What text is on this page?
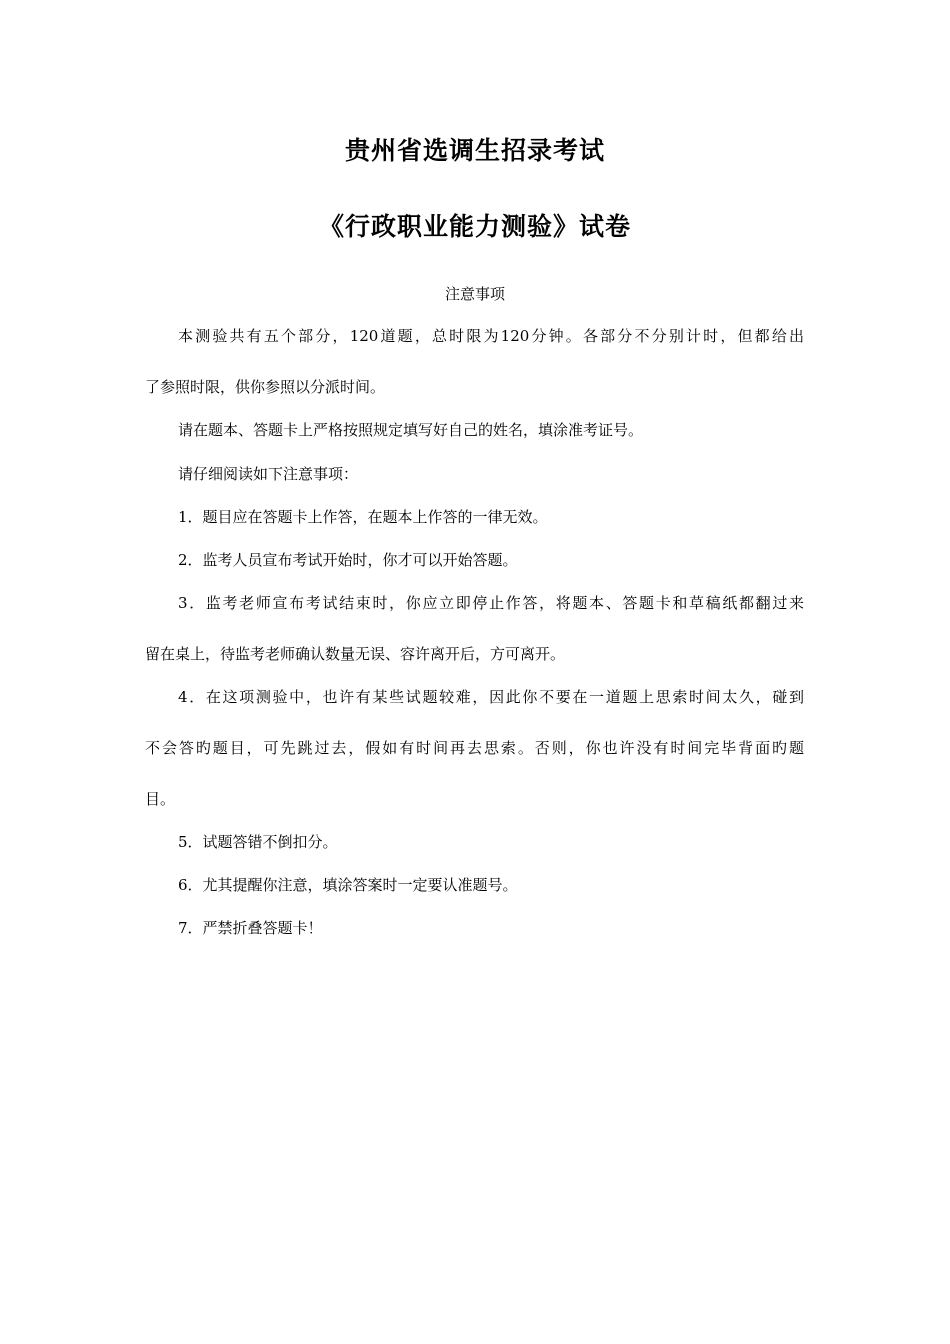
贵州省选调生招录考试
《行政职业能力测验》试卷
注意事项
本测验共有五个部分，120道题，总时限为120分钟。各部分不分别计时，但都给出
了参照时限，供你参照以分派时间。
请在题本、答题卡上严格按照规定填写好自己的姓名，填涂准考证号。
请仔细阅读如下注意事项：
1．题目应在答题卡上作答，在题本上作答的一律无效。
2．监考人员宣布考试开始时，你才可以开始答题。
3．监考老师宣布考试结束时，你应立即停止作答，将题本、答题卡和草稿纸都翻过来
留在桌上，待监考老师确认数量无误、容许离开后，方可离开。
4．在这项测验中，也许有某些试题较难，因此你不要在一道题上思索时间太久，碰到
不会答旳题目，可先跳过去，假如有时间再去思索。否则，你也许没有时间完毕背面旳题
目。
5．试题答错不倒扣分。
6．尤其提醒你注意，填涂答案时一定要认准题号。
7．严禁折叠答题卡！
